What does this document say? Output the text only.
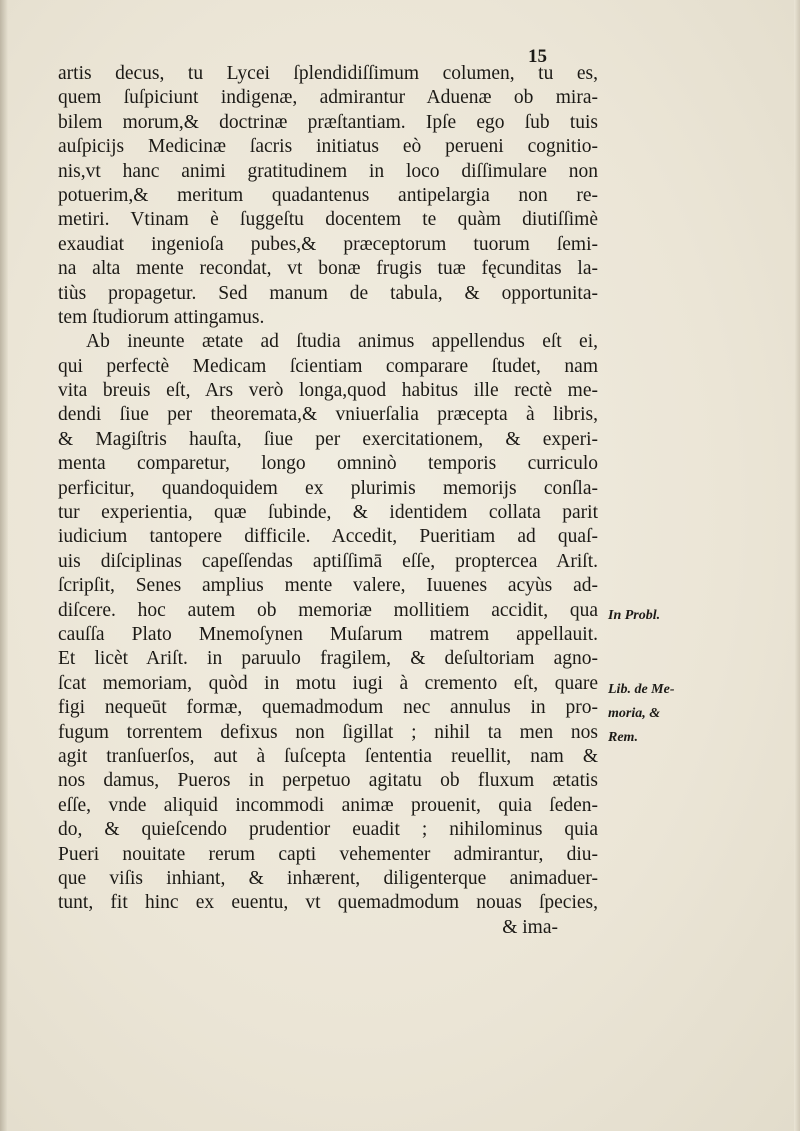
15
artis decus, tu Lycei ſplendidiſſimum columen, tu es,
quem ſuſpiciunt indigenæ, admirantur Aduenæ ob mira-
bilem morum,& doctrinæ præſtantiam. Ipſe ego ſub tuis
auſpicijs Medicinæ ſacris initiatus eò perueni cognitio-
nis,vt hanc animi gratitudinem in loco diſſimulare non
potuerim,& meritum quadantenus antipelargia non re-
metiri. Vtinam è ſuggeſtu docentem te quàm diutiſſimè
exaudiat ingenioſa pubes,& præceptorum tuorum ſemi-
na alta mente recondat, vt bonæ frugis tuæ fęcunditas la-
tiùs propagetur. Sed manum de tabula, & opportunita-
tem ſtudiorum attingamus.
Ab ineunte ætate ad ſtudia animus appellendus eſt ei,
qui perfectè Medicam ſcientiam comparare ſtudet, nam
vita breuis eſt, Ars verò longa,quod habitus ille rectè me-
dendi ſiue per theoremata,& vniuerſalia præcepta à libris,
& Magiſtris hauſta, ſiue per exercitationem, & experi-
menta comparetur, longo omninò temporis curriculo
perficitur, quandoquidem ex plurimis memorijs conſla-
tur experientia, quæ ſubinde, & identidem collata parit
iudicium tantopere difficile. Accedit, Pueritiam ad quaſ-
uis diſciplinas capeſſendas aptiſſimā eſſe, proptercea Ariſt.
ſcripſit, Senes amplius mente valere, Iuuenes acyùs ad-
diſcere. hoc autem ob memoriæ mollitiem accidit, qua
cauſſa Plato Mnemoſynen Muſarum matrem appellauit.
Et licèt Ariſt. in paruulo fragilem, & deſultoriam agno-
ſcat memoriam, quòd in motu iugi à cremento eſt, quare
figi nequeūt formæ, quemadmodum nec annulus in pro-
fugum torrentem defixus non ſigillat ; nihil ta men nos
agit tranſuerſos, aut à ſuſcepta ſententia reuellit, nam &
nos damus, Pueros in perpetuo agitatu ob fluxum ætatis
eſſe, vnde aliquid incommodi animæ prouenit, quia ſeden-
do, & quieſcendo prudentior euadit ; nihilominus quia
Pueri nouitate rerum capti vehementer admirantur, diu-
que viſis inhiant, & inhærent, diligenterque animaduer-
tunt, fit hinc ex euentu, vt quemadmodum nouas ſpecies,
& ima-
In Probl.
Lib. de Me-
moria, &
Rem.
